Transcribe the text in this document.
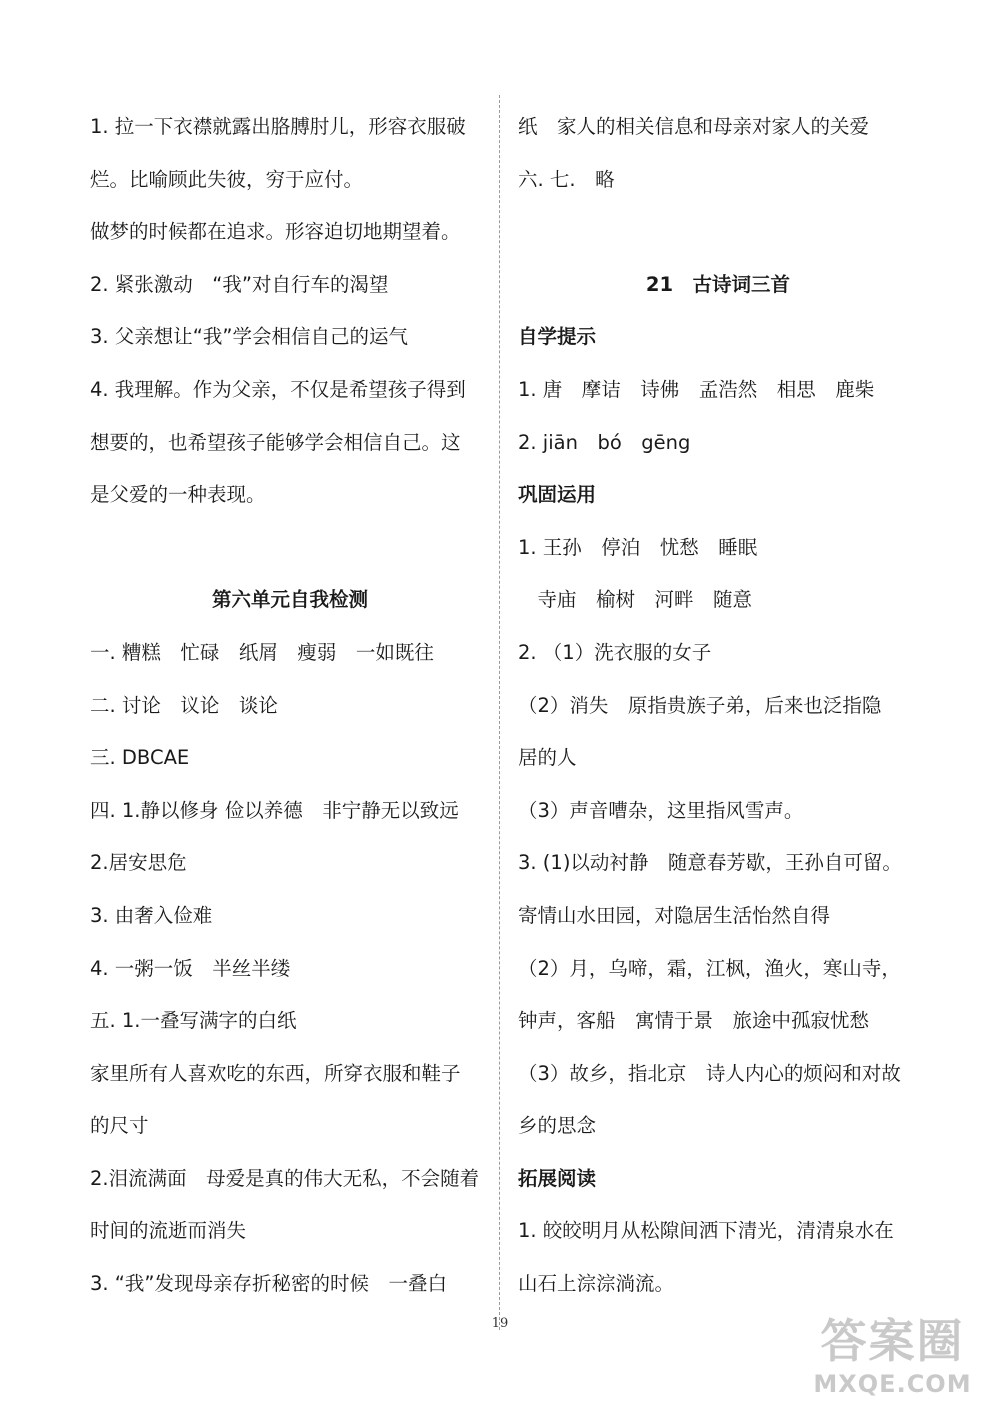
1. 拉一下衣襟就露出胳膊肘儿，形容衣服破
烂。比喻顾此失彼，穷于应付。
做梦的时候都在追求。形容迫切地期望着。
2. 紧张激动　“我”对自行车的渴望
3. 父亲想让“我”学会相信自己的运气
4. 我理解。作为父亲，不仅是希望孩子得到
想要的，也希望孩子能够学会相信自己。这
是父爱的一种表现。
第六单元自我检测
一. 糟糕　忙碌　纸屑　瘦弱　一如既往
二. 讨论　议论　谈论
三. DBCAE
四. 1.静以修身 俭以养德　非宁静无以致远
2.居安思危
3. 由奢入俭难
4. 一粥一饭　半丝半缕
五. 1.一叠写满字的白纸
家里所有人喜欢吃的东西，所穿衣服和鞋子
的尺寸
2.泪流满面　母爱是真的伟大无私，不会随着
时间的流逝而消失
3. “我”发现母亲存折秘密的时候　一叠白
纸　家人的相关信息和母亲对家人的关爱
六. 七.　略
21　古诗词三首
自学提示
1. 唐　摩诘　诗佛　孟浩然　相思　鹿柴
2. jiān　bó　gēng
巩固运用
1. 王孙　停泊　忧愁　睡眠
　寺庙　榆树　河畔　随意
2. （1）洗衣服的女子
（2）消失　原指贵族子弟，后来也泛指隐
居的人
（3）声音嘈杂，这里指风雪声。
3. (1)以动衬静　随意春芳歇，王孙自可留。
寄情山水田园，对隐居生活怡然自得
（2）月，乌啼，霜，江枫，渔火，寒山寺，
钟声，客船　寓情于景　旅途中孤寂忧愁
（3）故乡，指北京　诗人内心的烦闷和对故
乡的思念
拓展阅读
1. 皎皎明月从松隙间洒下清光，清清泉水在
山石上淙淙淌流。
19	答案圈
MXQE.COM
